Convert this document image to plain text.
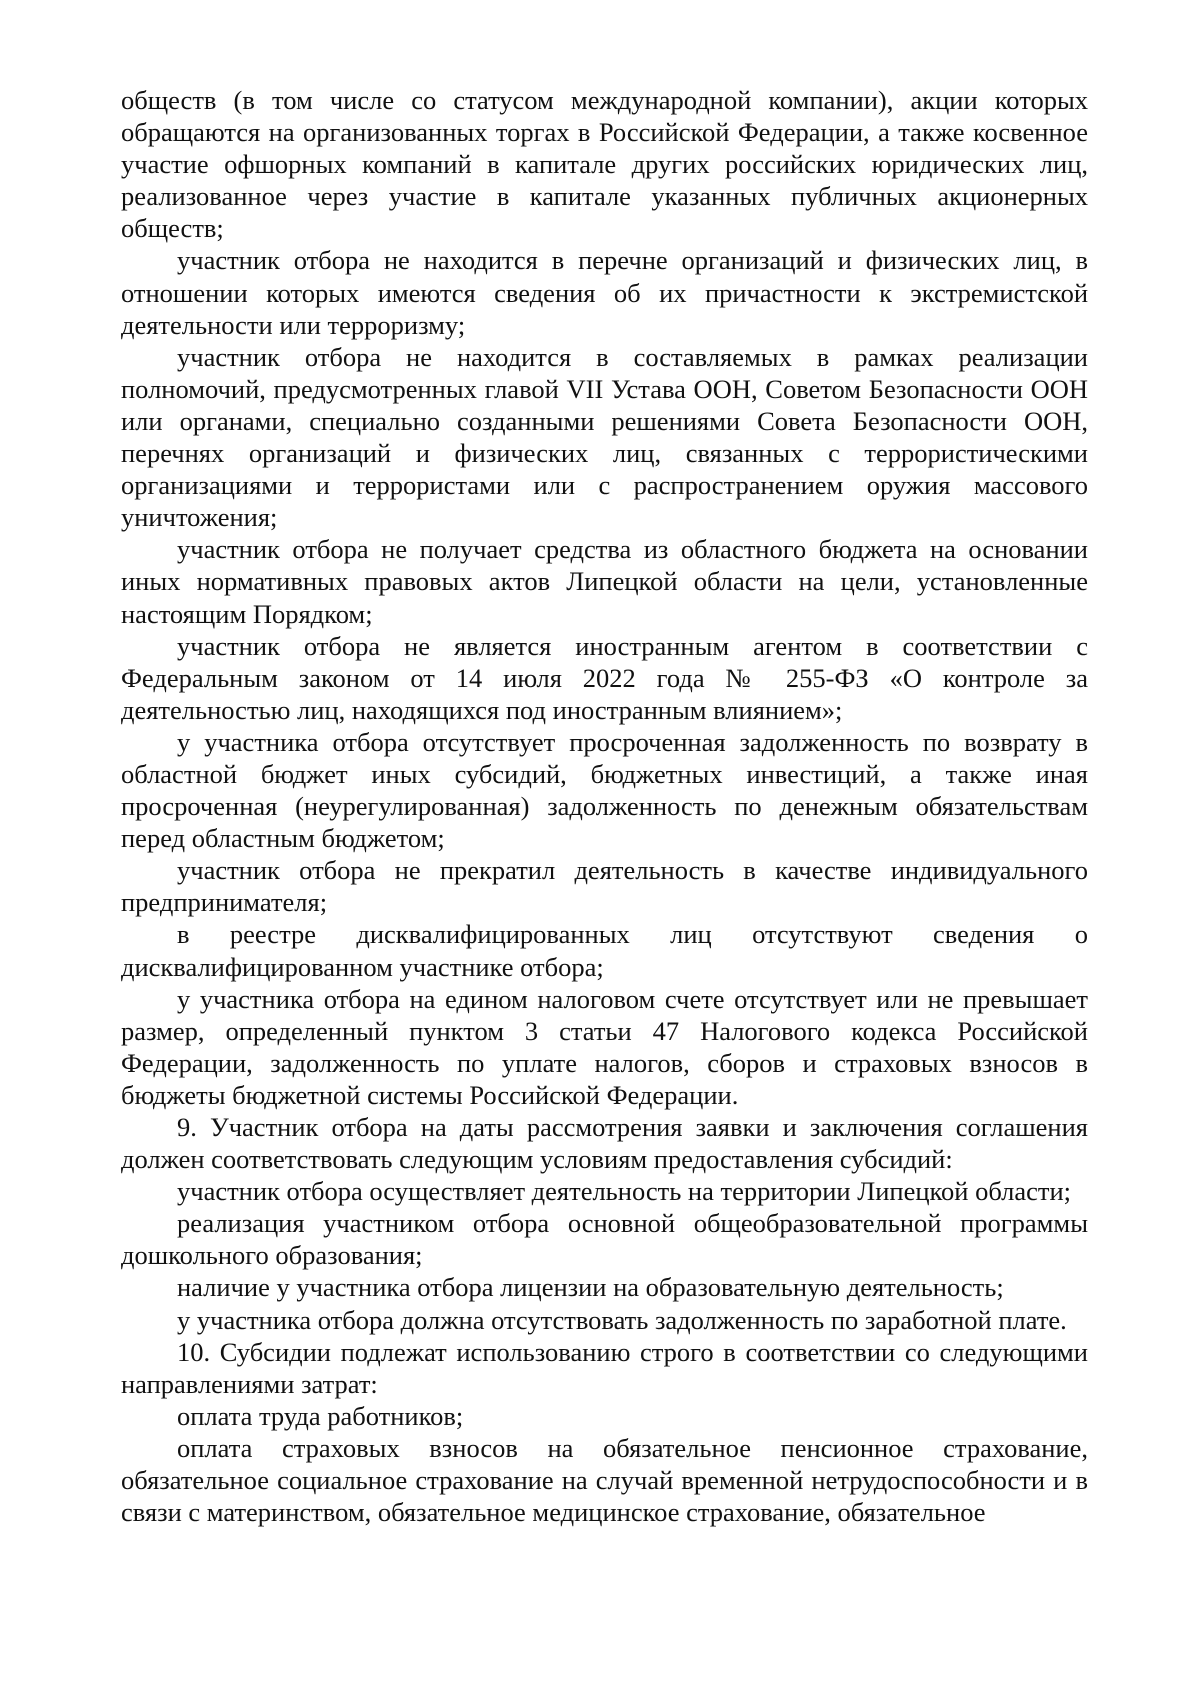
обществ (в том числе со статусом международной компании), акции которых обращаются на организованных торгах в Российской Федерации, а также косвенное участие офшорных компаний в капитале других российских юридических лиц, реализованное через участие в капитале указанных публичных акционерных обществ;

участник отбора не находится в перечне организаций и физических лиц, в отношении которых имеются сведения об их причастности к экстремистской деятельности или терроризму;

участник отбора не находится в составляемых в рамках реализации полномочий, предусмотренных главой VII Устава ООН, Советом Безопасности ООН или органами, специально созданными решениями Совета Безопасности ООН, перечнях организаций и физических лиц, связанных с террористическими организациями и террористами или с распространением оружия массового уничтожения;

участник отбора не получает средства из областного бюджета на основании иных нормативных правовых актов Липецкой области на цели, установленные настоящим Порядком;

участник отбора не является иностранным агентом в соответствии с Федеральным законом от 14 июля 2022 года № 255-ФЗ «О контроле за деятельностью лиц, находящихся под иностранным влиянием»;

у участника отбора отсутствует просроченная задолженность по возврату в областной бюджет иных субсидий, бюджетных инвестиций, а также иная просроченная (неурегулированная) задолженность по денежным обязательствам перед областным бюджетом;

участник отбора не прекратил деятельность в качестве индивидуального предпринимателя;

в реестре дисквалифицированных лиц отсутствуют сведения о дисквалифицированном участнике отбора;

у участника отбора на едином налоговом счете отсутствует или не превышает размер, определенный пунктом 3 статьи 47 Налогового кодекса Российской Федерации, задолженность по уплате налогов, сборов и страховых взносов в бюджеты бюджетной системы Российской Федерации.

9. Участник отбора на даты рассмотрения заявки и заключения соглашения должен соответствовать следующим условиям предоставления субсидий:

участник отбора осуществляет деятельность на территории Липецкой области;

реализация участником отбора основной общеобразовательной программы дошкольного образования;

наличие у участника отбора лицензии на образовательную деятельность;

у участника отбора должна отсутствовать задолженность по заработной плате.

10. Субсидии подлежат использованию строго в соответствии со следующими направлениями затрат:

оплата труда работников;

оплата страховых взносов на обязательное пенсионное страхование, обязательное социальное страхование на случай временной нетрудоспособности и в связи с материнством, обязательное медицинское страхование, обязательное
